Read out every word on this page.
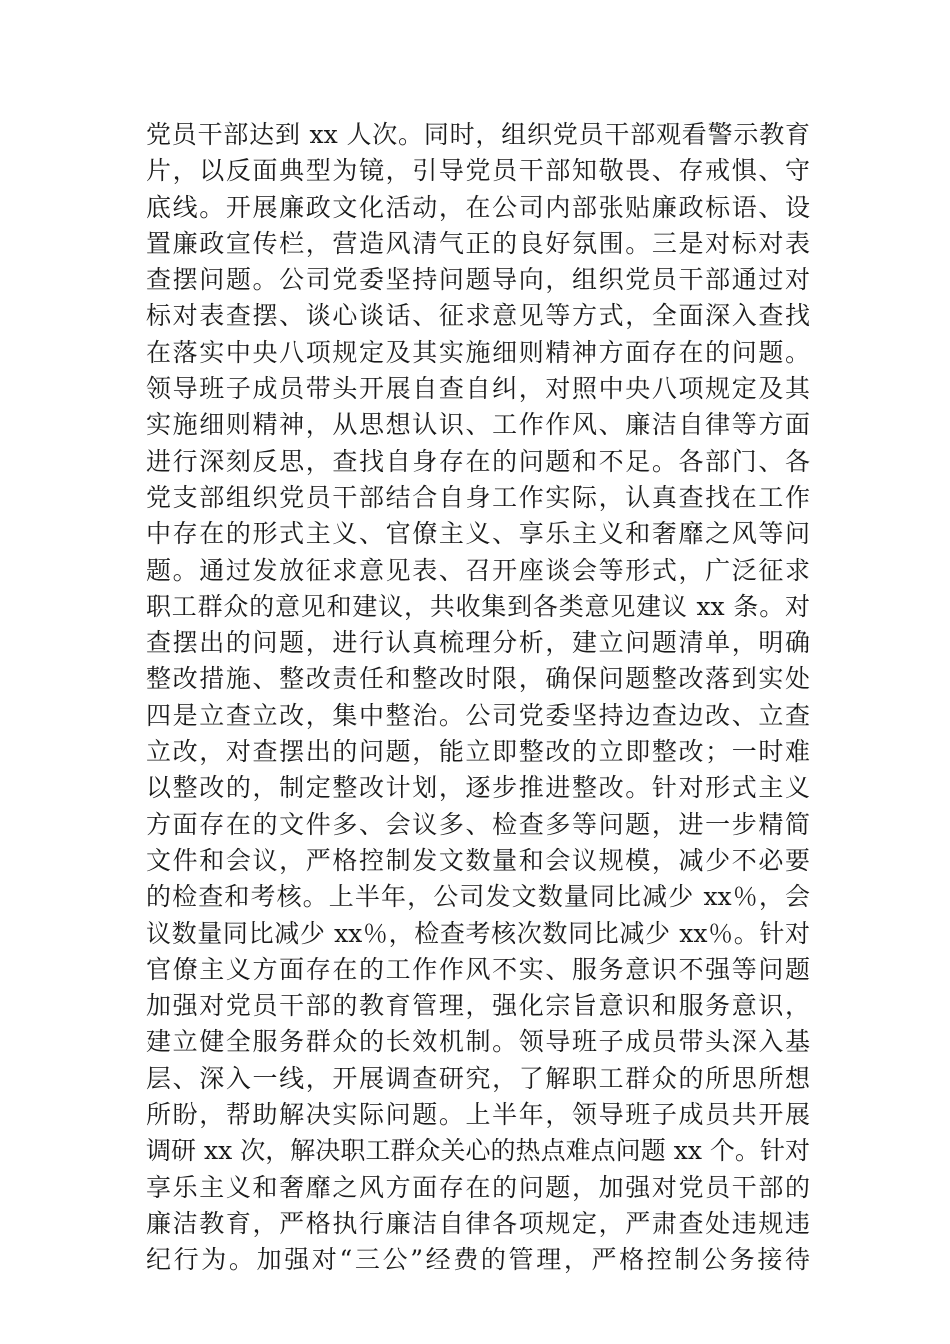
党员干部达到 xx 人次。同时，组织党员干部观看警示教育
片，以反面典型为镜，引导党员干部知敬畏、存戒惧、守
底线。开展廉政文化活动，在公司内部张贴廉政标语、设
置廉政宣传栏，营造风清气正的良好氛围。三是对标对表
查摆问题。公司党委坚持问题导向，组织党员干部通过对
标对表查摆、谈心谈话、征求意见等方式，全面深入查找
在落实中央八项规定及其实施细则精神方面存在的问题。
领导班子成员带头开展自查自纠，对照中央八项规定及其
实施细则精神，从思想认识、工作作风、廉洁自律等方面
进行深刻反思，查找自身存在的问题和不足。各部门、各
党支部组织党员干部结合自身工作实际，认真查找在工作
中存在的形式主义、官僚主义、享乐主义和奢靡之风等问
题。通过发放征求意见表、召开座谈会等形式，广泛征求
职工群众的意见和建议，共收集到各类意见建议 xx 条。对
查摆出的问题，进行认真梳理分析，建立问题清单，明确
整改措施、整改责任和整改时限，确保问题整改落到实处
四是立查立改，集中整治。公司党委坚持边查边改、立查
立改，对查摆出的问题，能立即整改的立即整改；一时难
以整改的，制定整改计划，逐步推进整改。针对形式主义
方面存在的文件多、会议多、检查多等问题，进一步精简
文件和会议，严格控制发文数量和会议规模，减少不必要
的检查和考核。上半年，公司发文数量同比减少 xx％，会
议数量同比减少 xx％，检查考核次数同比减少 xx％。针对
官僚主义方面存在的工作作风不实、服务意识不强等问题
加强对党员干部的教育管理，强化宗旨意识和服务意识，
建立健全服务群众的长效机制。领导班子成员带头深入基
层、深入一线，开展调查研究，了解职工群众的所思所想
所盼，帮助解决实际问题。上半年，领导班子成员共开展
调研 xx 次，解决职工群众关心的热点难点问题 xx 个。针对
享乐主义和奢靡之风方面存在的问题，加强对党员干部的
廉洁教育，严格执行廉洁自律各项规定，严肃查处违规违
纪行为。加强对“三公”经费的管理，严格控制公务接待
